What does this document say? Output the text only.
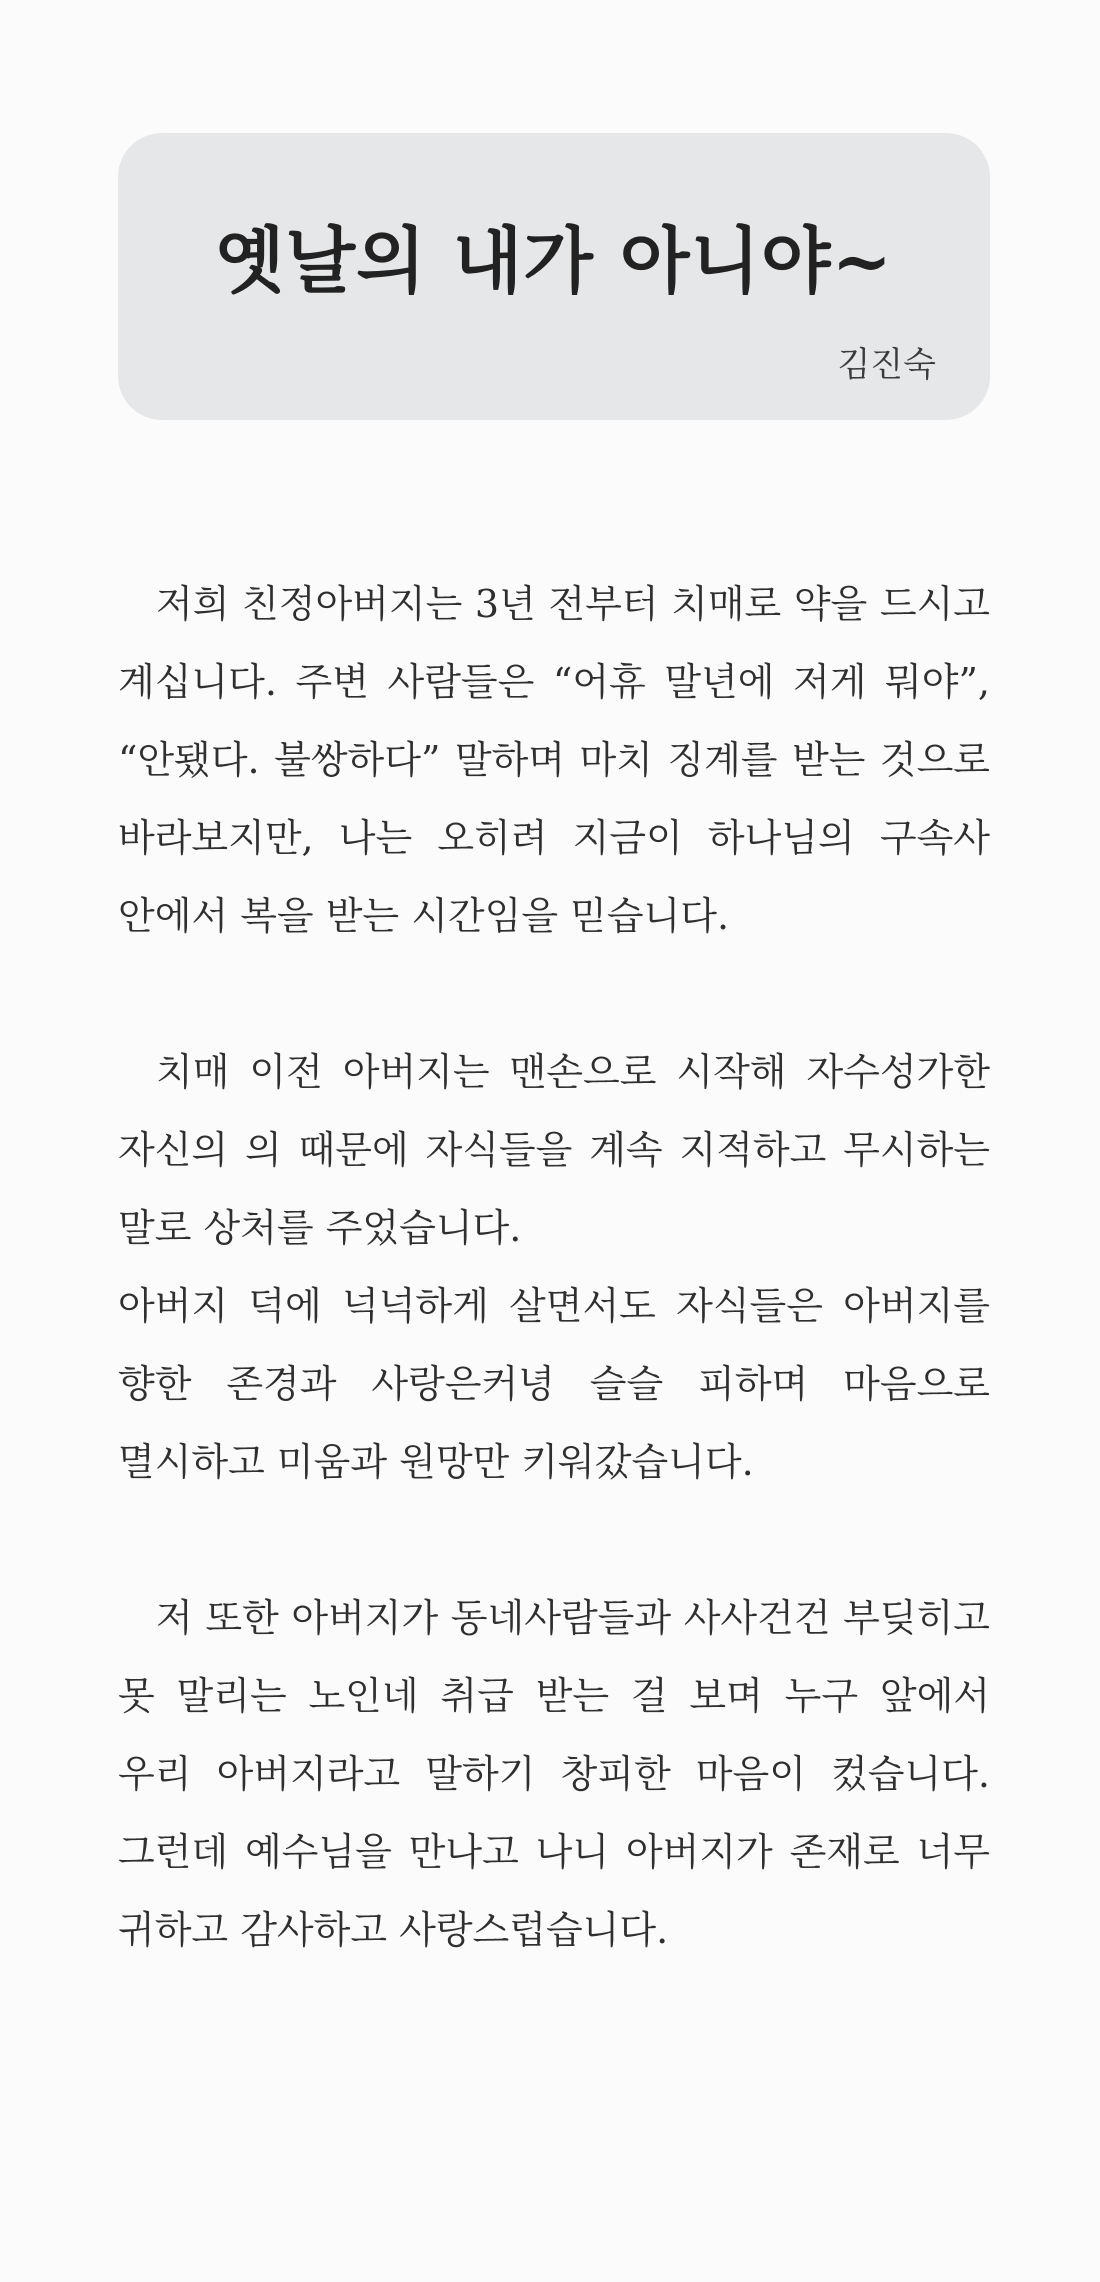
옛날의 내가 아니야~
김진숙

저희 친정아버지는 3년 전부터 치매로 약을 드시고 계십니다. 주변 사람들은 “어휴 말년에 저게 뭐야”, “안됐다. 불쌍하다” 말하며 마치 징계를 받는 것으로 바라보지만, 나는 오히려 지금이 하나님의 구속사 안에서 복을 받는 시간임을 믿습니다.

치매 이전 아버지는 맨손으로 시작해 자수성가한 자신의 의 때문에 자식들을 계속 지적하고 무시하는 말로 상처를 주었습니다.

아버지 덕에 넉넉하게 살면서도 자식들은 아버지를 향한 존경과 사랑은커녕 슬슬 피하며 마음으로 멸시하고 미움과 원망만 키워갔습니다.

저 또한 아버지가 동네사람들과 사사건건 부딪히고 못 말리는 노인네 취급 받는 걸 보며 누구 앞에서 우리 아버지라고 말하기 창피한 마음이 컸습니다. 그런데 예수님을 만나고 나니 아버지가 존재로 너무 귀하고 감사하고 사랑스럽습니다.
